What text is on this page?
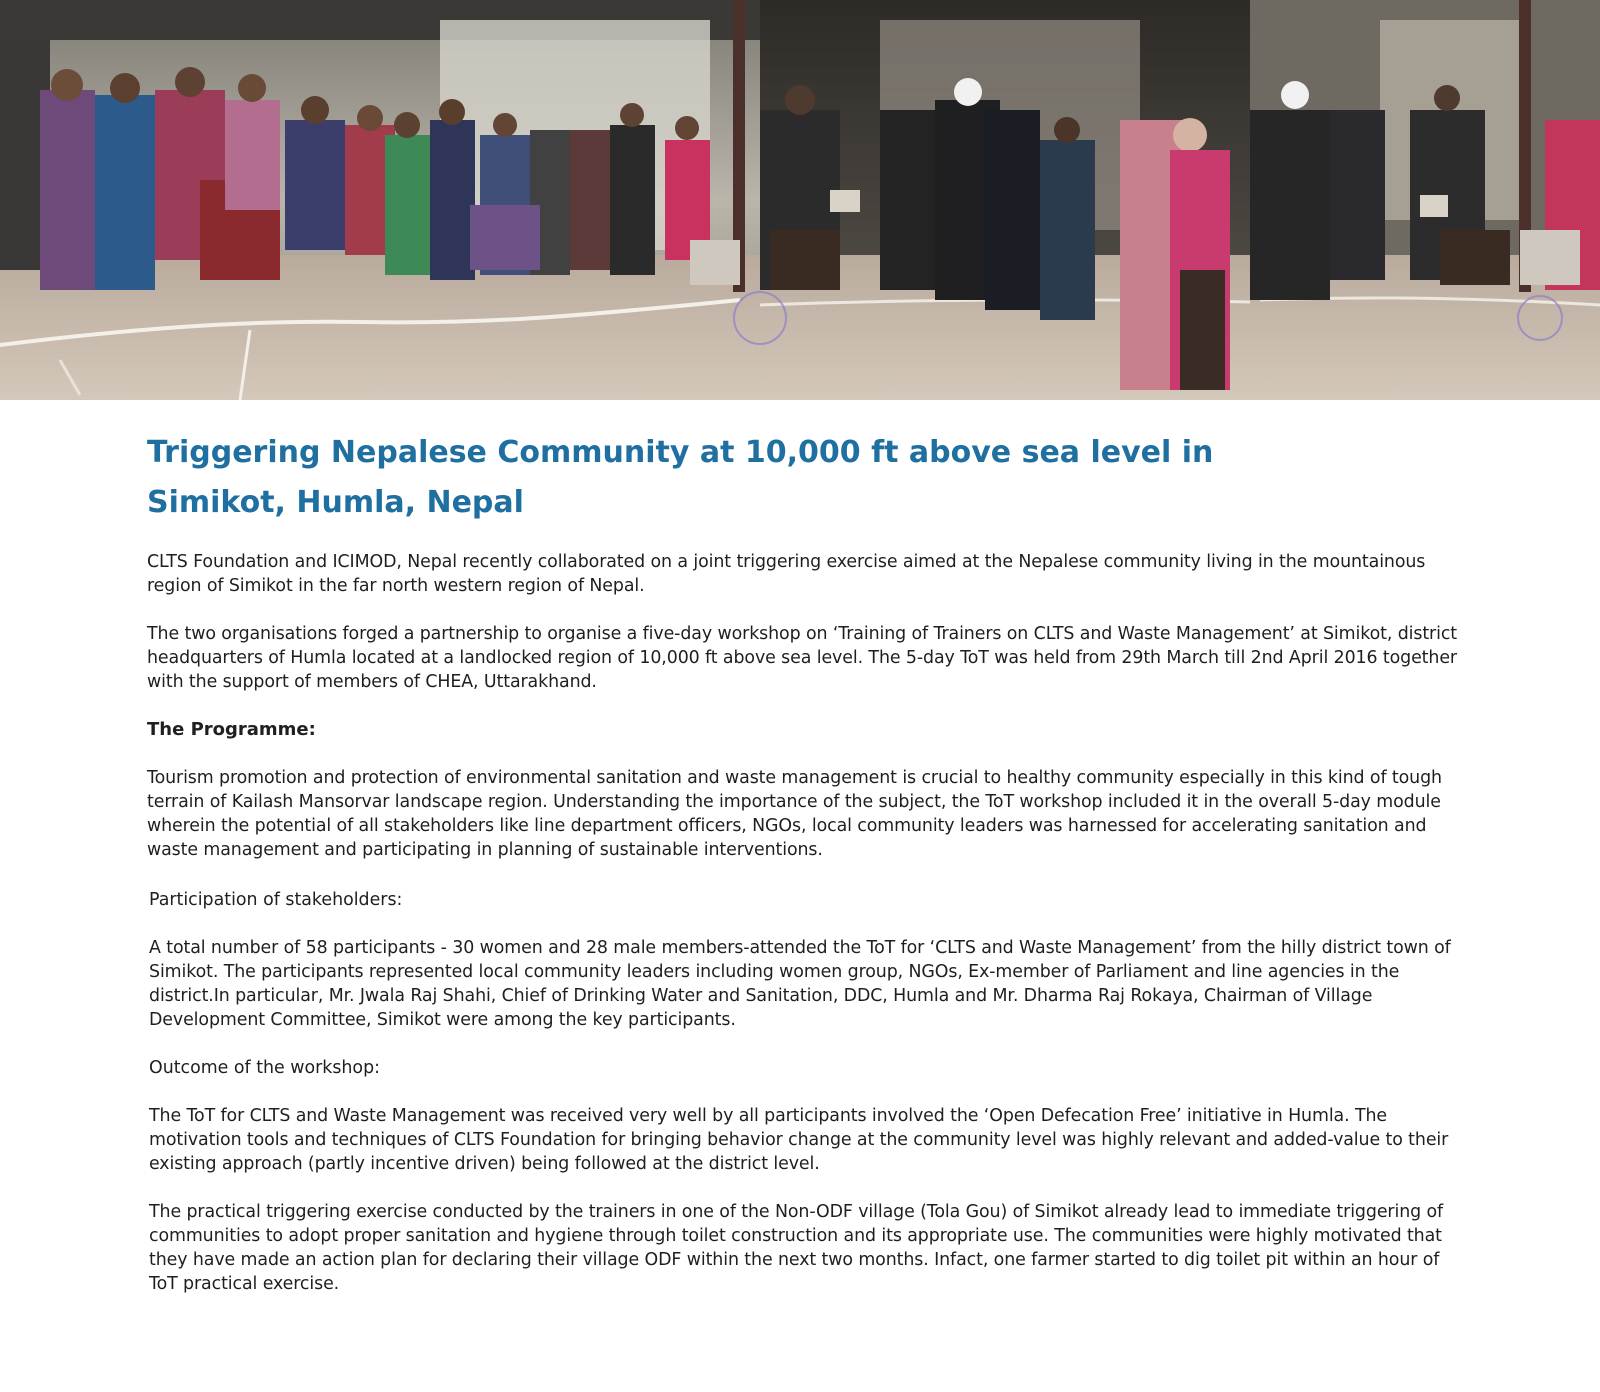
Triggering Nepalese Community at 10,000 ft above sea level in Simikot, Humla, Nepal

CLTS Foundation and ICIMOD, Nepal recently collaborated on a joint triggering exercise aimed at the Nepalese community living in the mountainous region of Simikot in the far north western region of Nepal.

The two organisations forged a partnership to organise a five-day workshop on ‘Training of Trainers on CLTS and Waste Management’ at Simikot, district headquarters of Humla located at a landlocked region of 10,000 ft above sea level. The 5-day ToT was held from 29th March till 2nd April 2016 together with the support of members of CHEA, Uttarakhand.

The Programme:

Tourism promotion and protection of environmental sanitation and waste management is crucial to healthy community especially in this kind of tough terrain of Kailash Mansorvar landscape region. Understanding the importance of the subject, the ToT workshop included it in the overall 5-day module wherein the potential of all stakeholders like line department officers, NGOs, local community leaders was harnessed for accelerating sanitation and waste management and participating in planning of sustainable interventions.

Participation of stakeholders:

A total number of 58 participants - 30 women and 28 male members-attended the ToT for ‘CLTS and Waste Management’ from the hilly district town of Simikot. The participants represented local community leaders including women group, NGOs, Ex-member of Parliament and line agencies in the district.In particular, Mr. Jwala Raj Shahi, Chief of Drinking Water and Sanitation, DDC, Humla and Mr. Dharma Raj Rokaya, Chairman of Village Development Committee, Simikot were among the key participants.

Outcome of the workshop:

The ToT for CLTS and Waste Management was received very well by all participants involved the ‘Open Defecation Free’ initiative in Humla. The motivation tools and techniques of CLTS Foundation for bringing behavior change at the community level was highly relevant and added-value to their existing approach (partly incentive driven) being followed at the district level.

The practical triggering exercise conducted by the trainers in one of the Non-ODF village (Tola Gou) of Simikot already lead to immediate triggering of communities to adopt proper sanitation and hygiene through toilet construction and its appropriate use. The communities were highly motivated that they have made an action plan for declaring their village ODF within the next two months. Infact, one farmer started to dig toilet pit within an hour of ToT practical exercise.
